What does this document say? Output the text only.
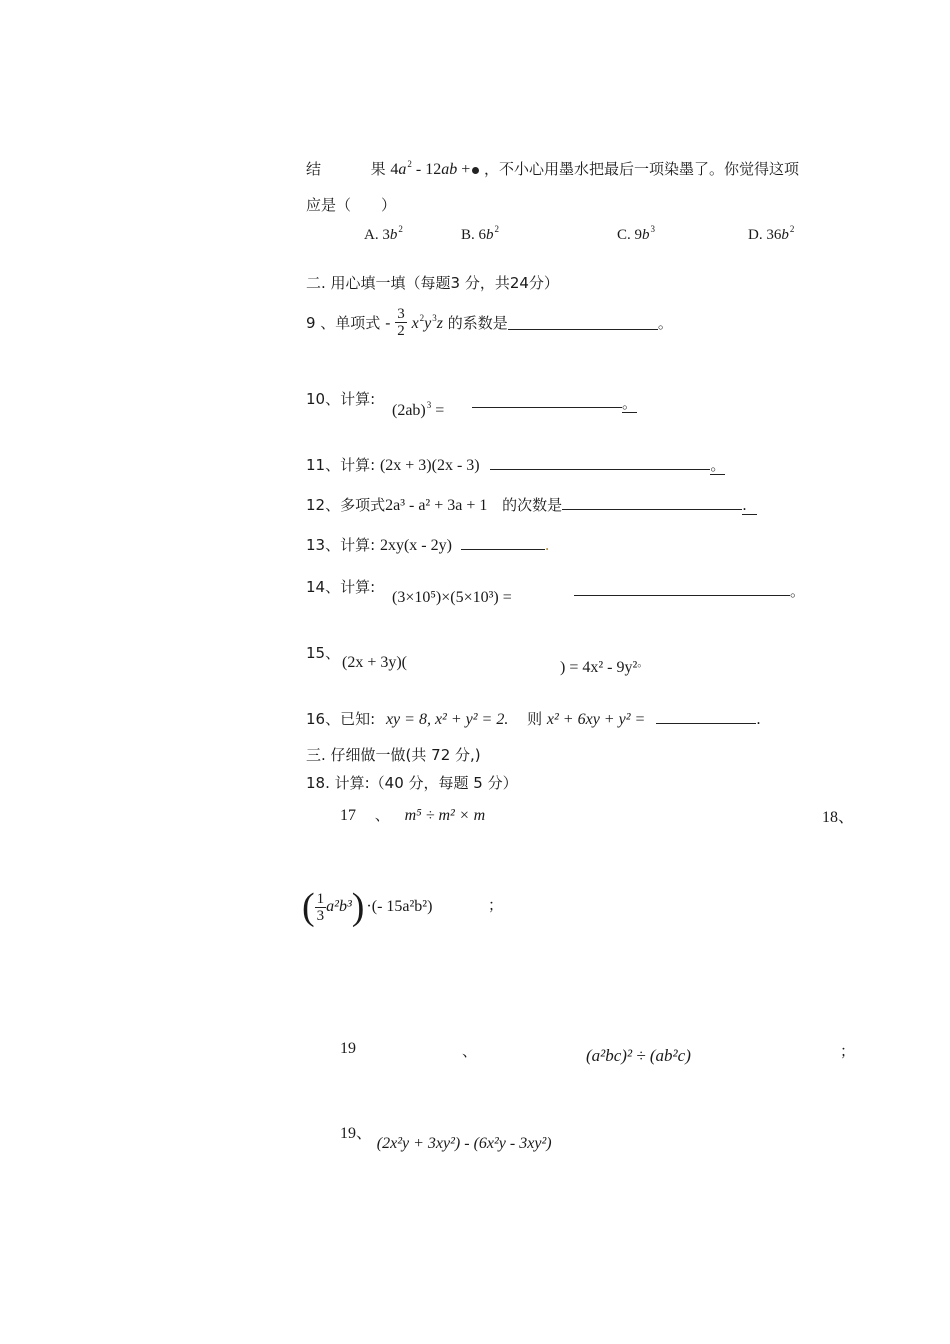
结	果 $4a^2 - 12ab$ + ，不小心用墨水把最后一项染墨了。你觉得这项
应是（　　）
A. $3b^2$	B. $6b^2$	C. $9b^3$	D. $36b^2$
二. 用心填一填（每题3 分，共24分）
9 、单项式 - $\frac{3}{2} x^2y^3z$ 的系数是	。
10、计算:
$(2ab)^3$ =	。
11、计算: (2x + 3)(2x - 3)	。
12、多项式2a³ - a² + 3a + 1 的次数是	.
13、计算: 2xy(x - 2y)	.
14、计算:
(3×10⁵)×(5×10³) =	。
15、
(2x + 3y)(	) = 4x² - 9y²。
16、已知: xy = 8, x² + y² = 2. 则 x² + 6xy + y² =	.
三. 仔细做一做(共 72 分,)
18. 计算:（40 分，每题 5 分）
17 、 m⁵ ÷ m² × m	18、
( $\frac{1}{3} a^2b^3$) ·(- 15a²b²)	；
19	、	(a²bc)² ÷ (ab²c)	；
19、 (2x²y + 3xy²) - (6x²y - 3xy²)
